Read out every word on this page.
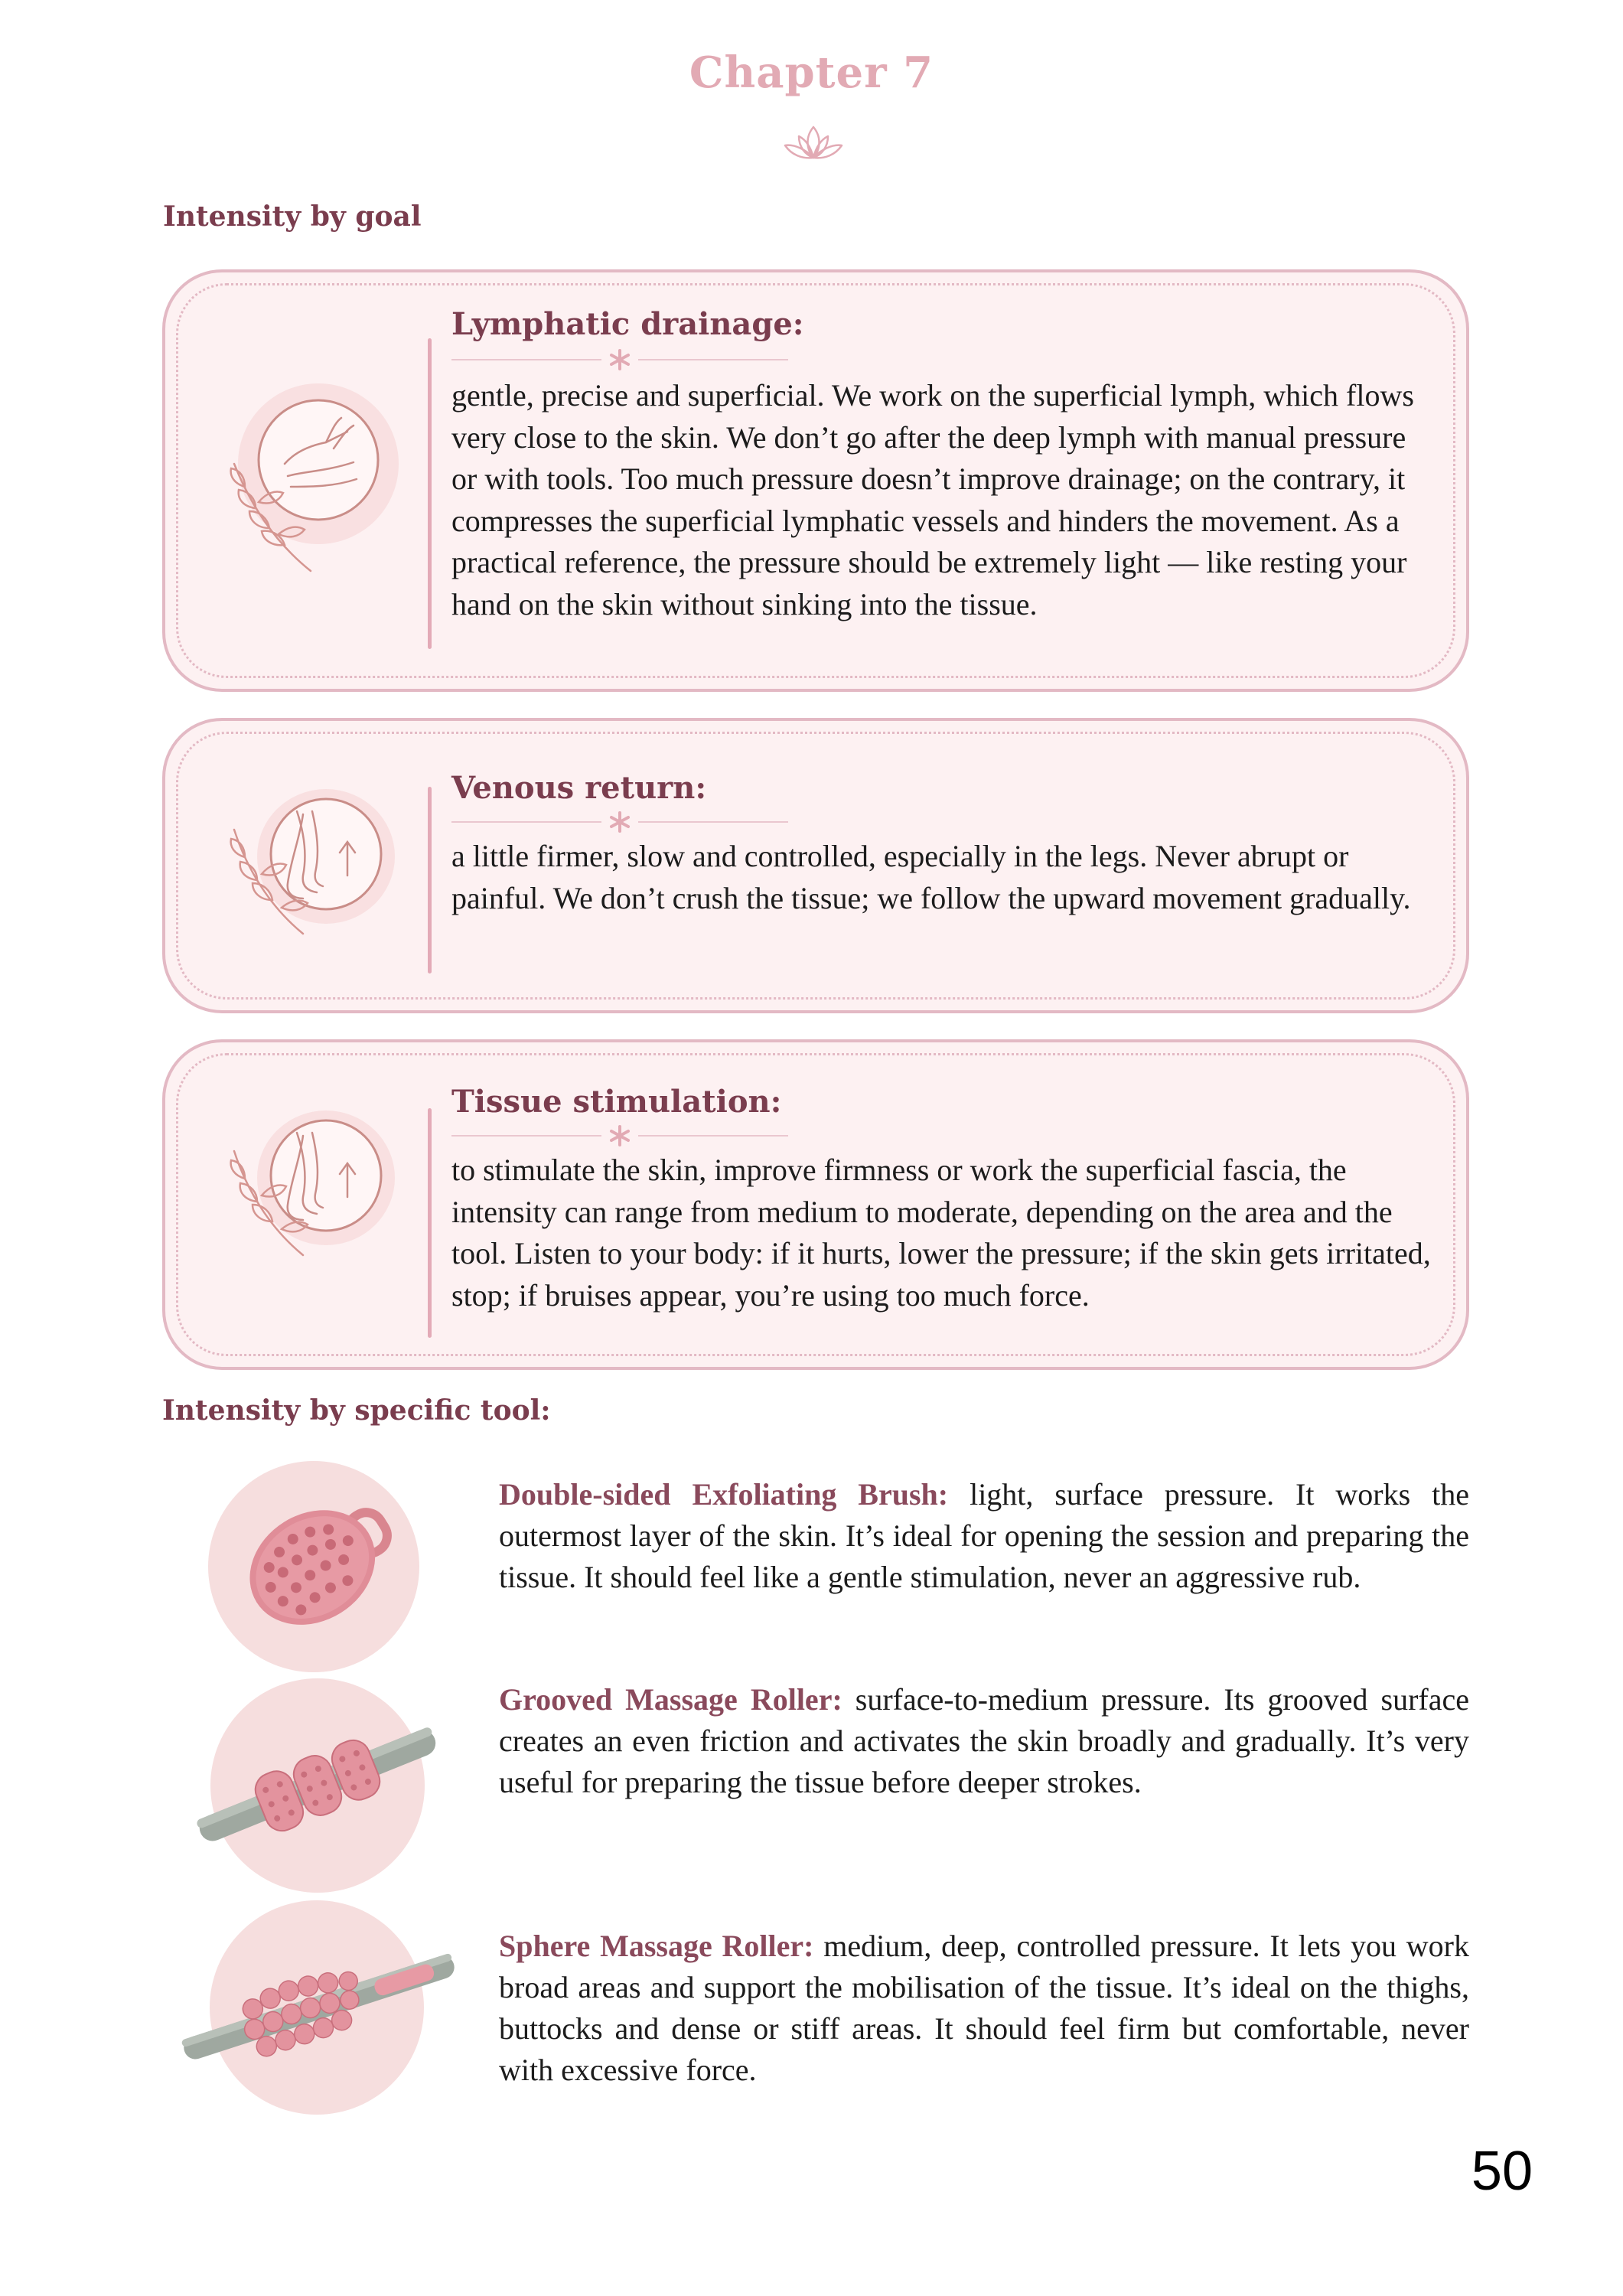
Chapter 7
Intensity by goal
Lymphatic drainage:
gentle, precise and superficial. We work on the superficial lymph, which flows very close to the skin. We don’t go after the deep lymph with manual pressure or with tools. Too much pressure doesn’t improve drainage; on the contrary, it compresses the superficial lymphatic vessels and hinders the movement. As a practical reference, the pressure should be extremely light — like resting your hand on the skin without sinking into the tissue.
Venous return:
a little firmer, slow and controlled, especially in the legs. Never abrupt or painful. We don’t crush the tissue; we follow the upward movement gradually.
Tissue stimulation:
to stimulate the skin, improve firmness or work the superficial fascia, the intensity can range from medium to moderate, depending on the area and the tool. Listen to your body: if it hurts, lower the pressure; if the skin gets irritated, stop; if bruises appear, you’re using too much force.
Intensity by specific tool:
Double-sided Exfoliating Brush: light, surface pressure. It works the outermost layer of the skin. It’s ideal for opening the session and preparing the tissue. It should feel like a gentle stimulation, never an aggressive rub.
Grooved Massage Roller: surface-to-medium pressure. Its grooved surface creates an even friction and activates the skin broadly and gradually. It’s very useful for preparing the tissue before deeper strokes.
Sphere Massage Roller: medium, deep, controlled pressure. It lets you work broad areas and support the mobilisation of the tissue. It’s ideal on the thighs, buttocks and dense or stiff areas. It should feel firm but comfortable, never with excessive force.
50
